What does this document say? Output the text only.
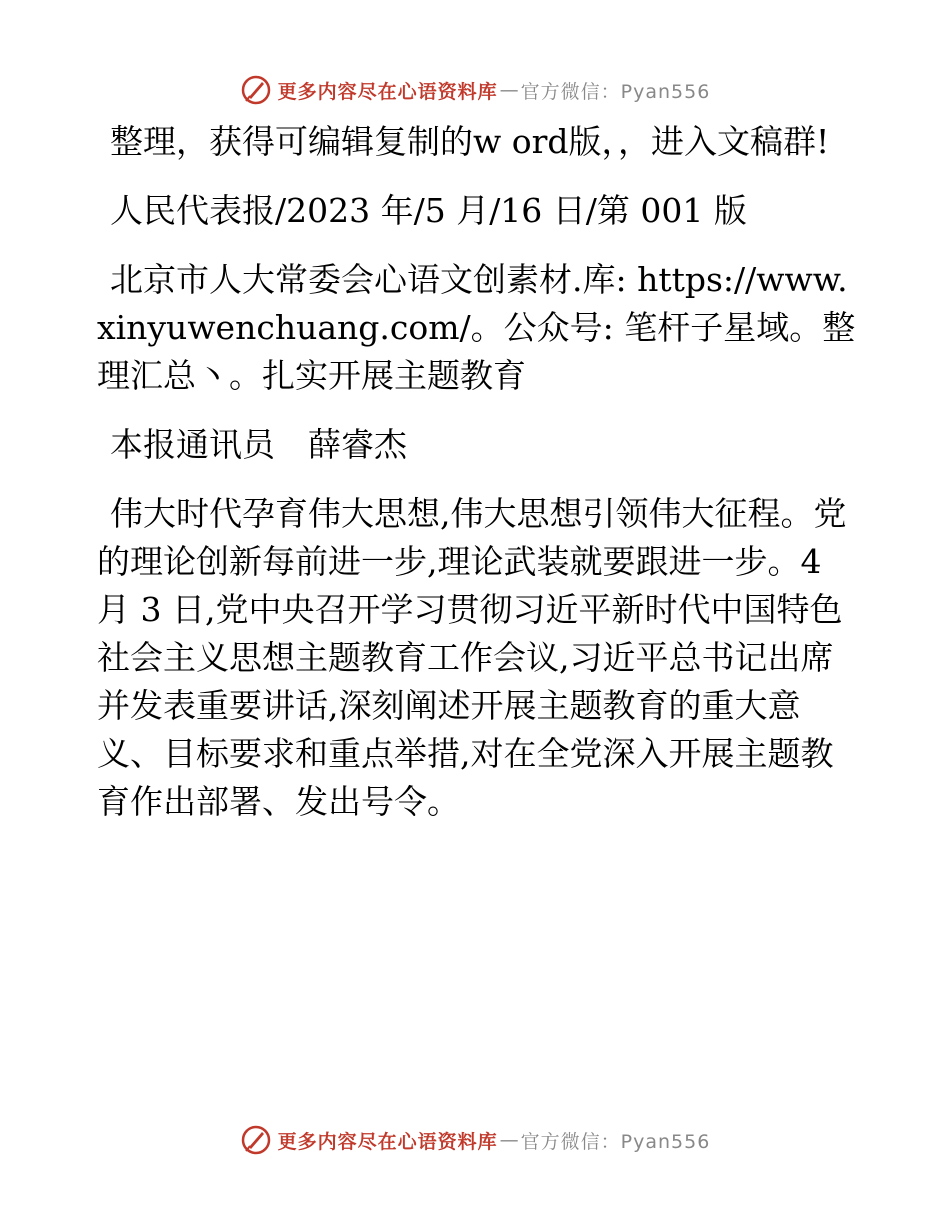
更多内容尽在心语资料库 — 官方微信：Pyan556

整理，获得可编辑复制的w ord版，，进入文稿群!

人民代表报/2023 年/5 月/16 日/第 001 版

北京市人大常委会心语文创素材.库: https://www.xinyuwenchuang.com/。公众号: 笔杆子星域。整理汇总丶。扎实开展主题教育

本报通讯员　薛睿杰

伟大时代孕育伟大思想,伟大思想引领伟大征程。党的理论创新每前进一步,理论武装就要跟进一步。4 月 3 日,党中央召开学习贯彻习近平新时代中国特色社会主义思想主题教育工作会议,习近平总书记出席并发表重要讲话,深刻阐述开展主题教育的重大意义、目标要求和重点举措,对在全党深入开展主题教育作出部署、发出号令。

更多内容尽在心语资料库 — 官方微信：Pyan556
